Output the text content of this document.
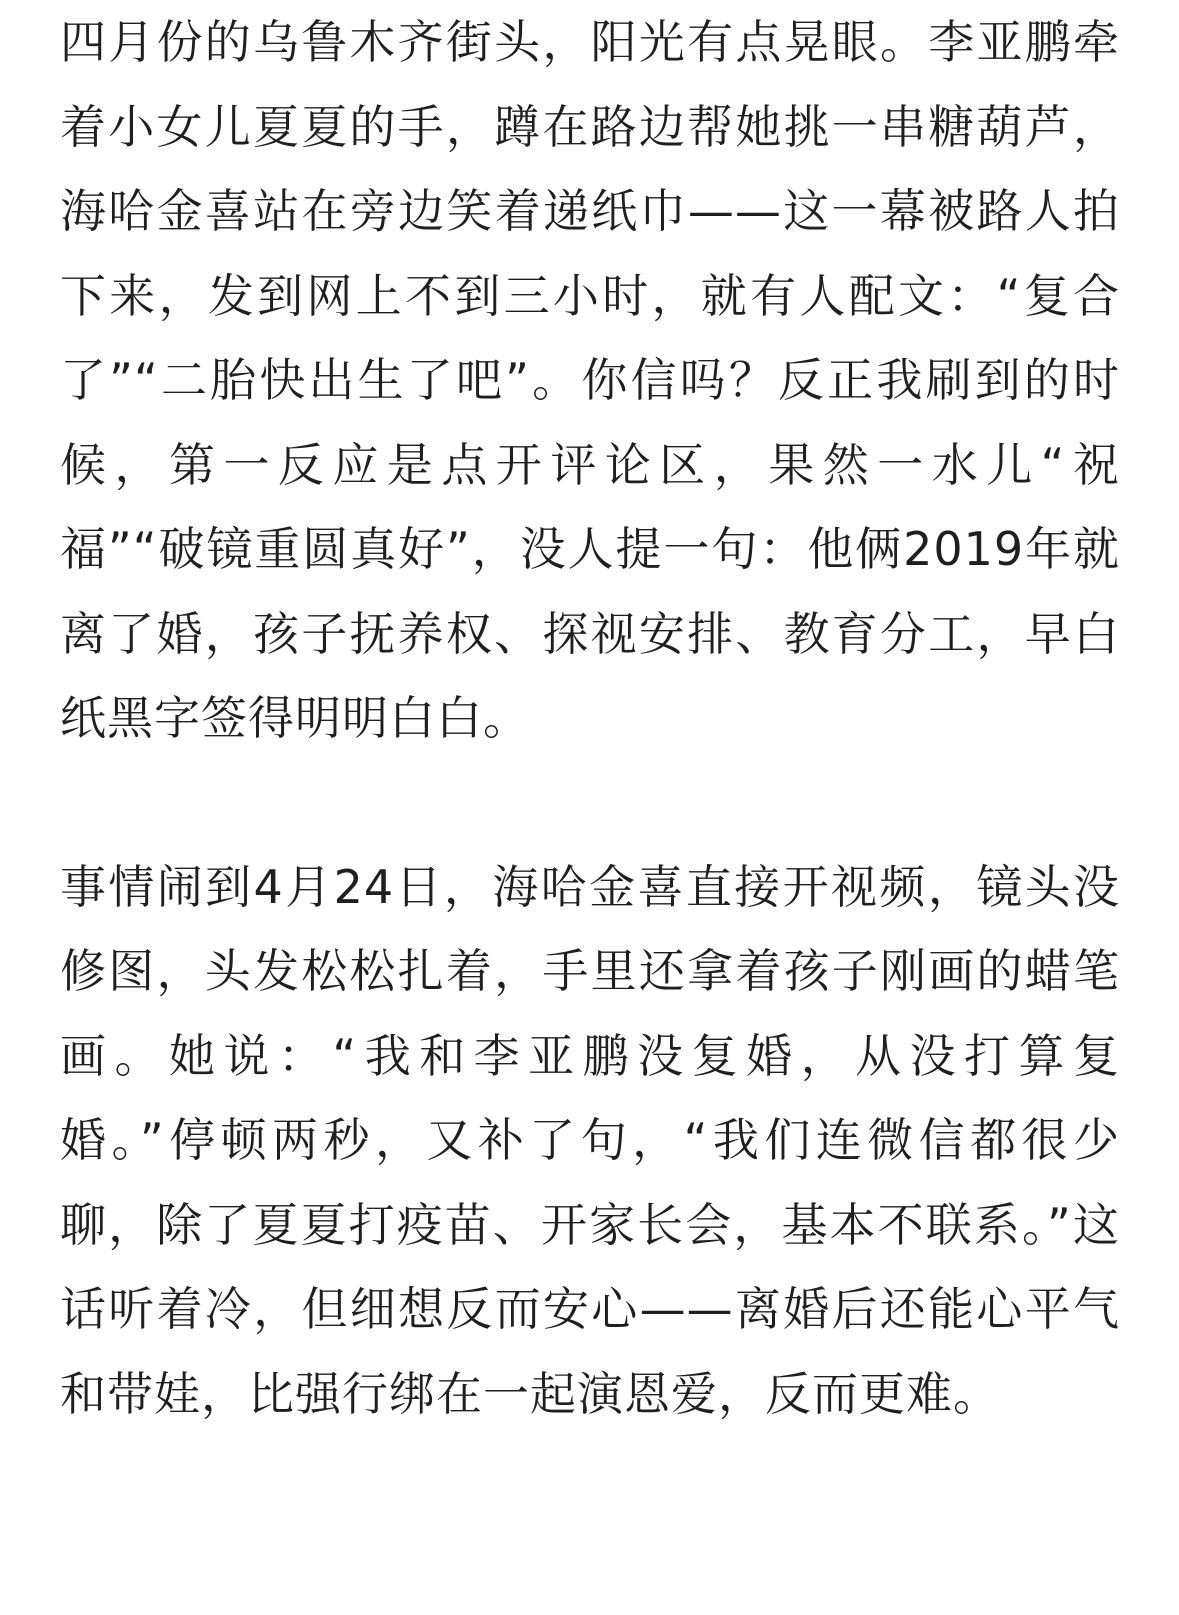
四月份的乌鲁木齐街头，阳光有点晃眼。李亚鹏牵着小女儿夏夏的手，蹲在路边帮她挑一串糖葫芦，海哈金喜站在旁边笑着递纸巾——这一幕被路人拍下来，发到网上不到三小时，就有人配文：“复合了”“二胎快出生了吧”。你信吗？反正我刷到的时候，第一反应是点开评论区，果然一水儿“祝福”“破镜重圆真好”，没人提一句：他俩2019年就离了婚，孩子抚养权、探视安排、教育分工，早白纸黑字签得明明白白。

事情闹到4月24日，海哈金喜直接开视频，镜头没修图，头发松松扎着，手里还拿着孩子刚画的蜡笔画。她说：“我和李亚鹏没复婚，从没打算复婚。”停顿两秒，又补了句，“我们连微信都很少聊，除了夏夏打疫苗、开家长会，基本不联系。”这话听着冷，但细想反而安心——离婚后还能心平气和带娃，比强行绑在一起演恩爱，反而更难。
